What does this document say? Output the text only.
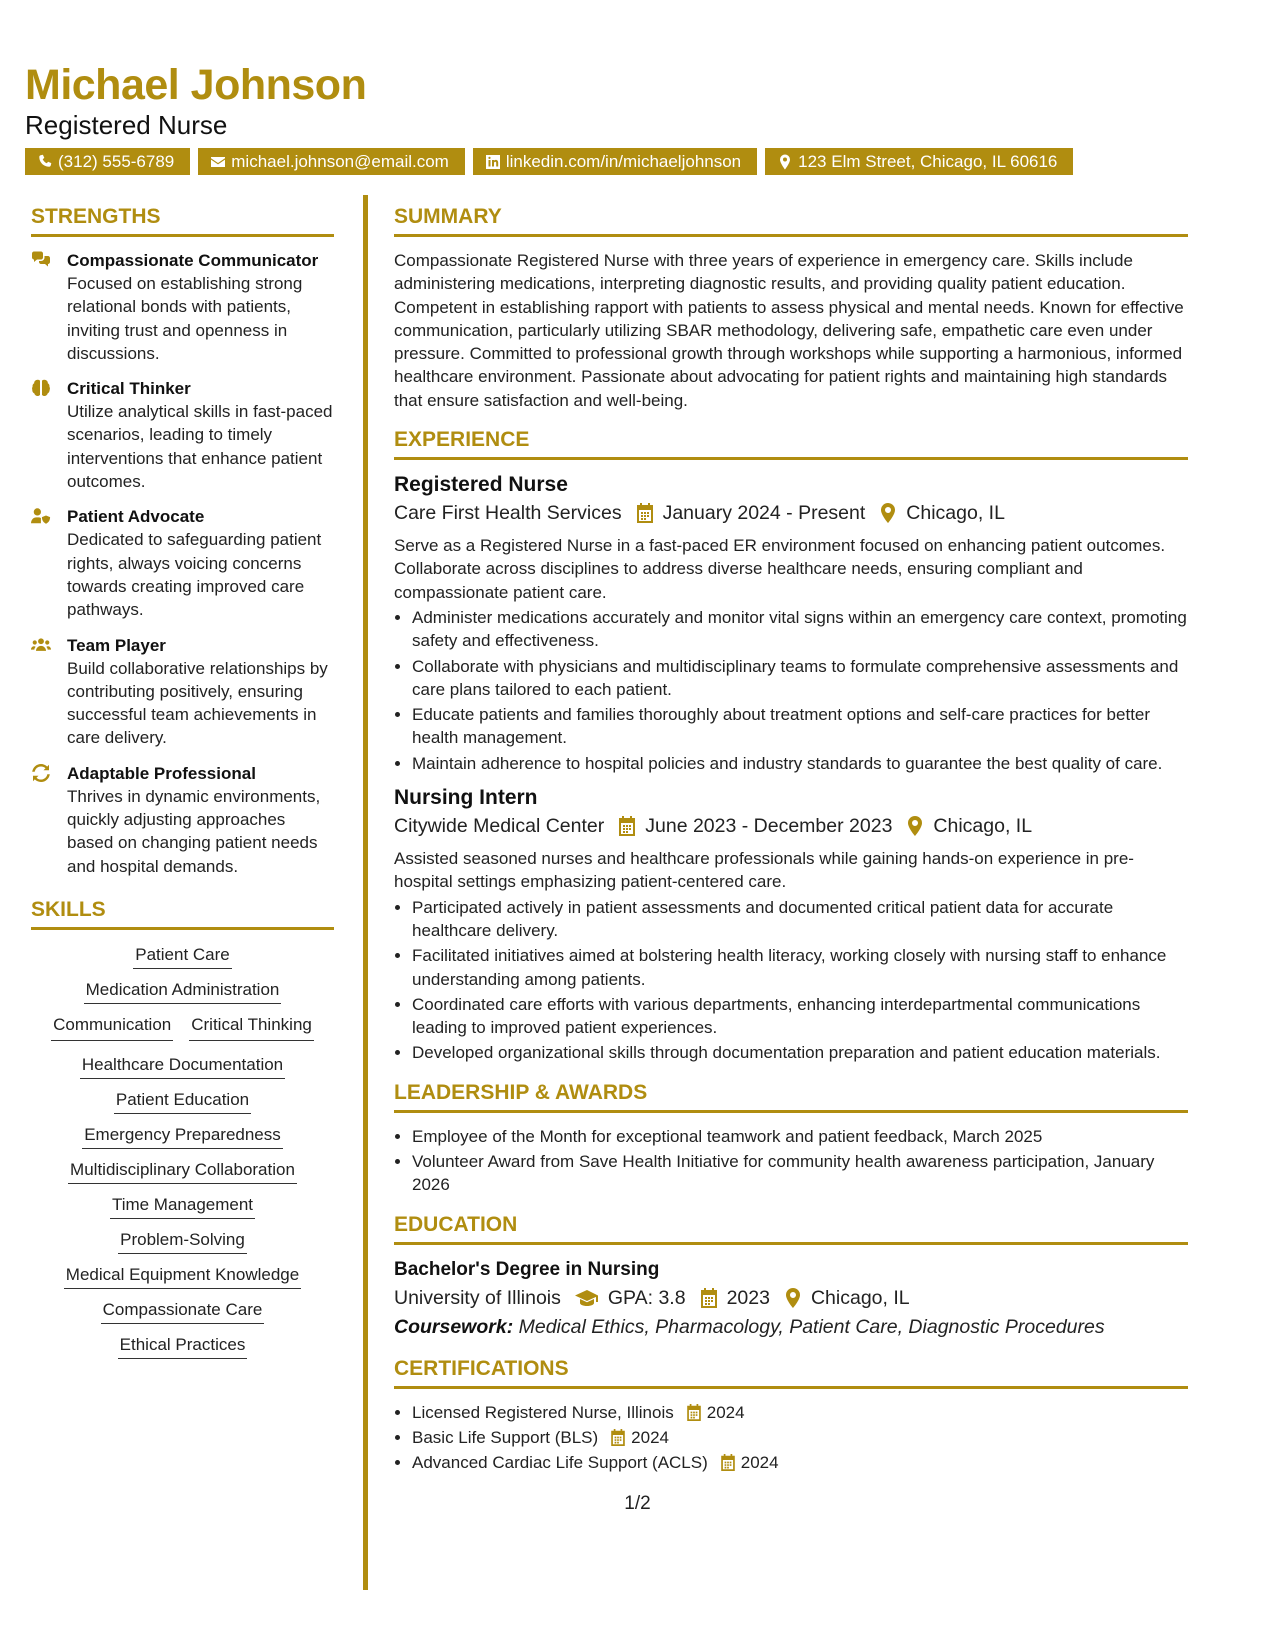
Michael Johnson
Registered Nurse
(312) 555-6789	michael.johnson@email.com	linkedin.com/in/michaeljohnson	123 Elm Street, Chicago, IL 60616
STRENGTHS
Compassionate Communicator

Focused on establishing strong relational bonds with patients, inviting trust and openness in discussions.

Critical Thinker

Utilize analytical skills in fast-paced scenarios, leading to timely interventions that enhance patient outcomes.

Patient Advocate

Dedicated to safeguarding patient rights, always voicing concerns towards creating improved care pathways.

Team Player

Build collaborative relationships by contributing positively, ensuring successful team achievements in care delivery.

Adaptable Professional

Thrives in dynamic environments, quickly adjusting approaches based on changing patient needs and hospital demands.

SKILLS
Patient Care
Medication Administration
Communication Critical Thinking
Healthcare Documentation
Patient Education
Emergency Preparedness
Multidisciplinary Collaboration
Time Management
Problem-Solving
Medical Equipment Knowledge
Compassionate Care
Ethical Practices
SUMMARY

Compassionate Registered Nurse with three years of experience in emergency care. Skills include administering medications, interpreting diagnostic results, and providing quality patient education. Competent in establishing rapport with patients to assess physical and mental needs. Known for effective communication, particularly utilizing SBAR methodology, delivering safe, empathetic care even under pressure. Committed to professional growth through workshops while supporting a harmonious, informed healthcare environment. Passionate about advocating for patient rights and maintaining high standards that ensure satisfaction and well-being.

EXPERIENCE
Registered Nurse
Care First Health Services January 2024 - Present Chicago, IL

Serve as a Registered Nurse in a fast-paced ER environment focused on enhancing patient outcomes. Collaborate across disciplines to address diverse healthcare needs, ensuring compliant and compassionate patient care.

• Administer medications accurately and monitor vital signs within an emergency care context, promoting safety and effectiveness.
• Collaborate with physicians and multidisciplinary teams to formulate comprehensive assessments and care plans tailored to each patient.
• Educate patients and families thoroughly about treatment options and self-care practices for better health management.
• Maintain adherence to hospital policies and industry standards to guarantee the best quality of care.
Nursing Intern
Citywide Medical Center June 2023 - December 2023 Chicago, IL

Assisted seasoned nurses and healthcare professionals while gaining hands-on experience in pre-hospital settings emphasizing patient-centered care.

• Participated actively in patient assessments and documented critical patient data for accurate healthcare delivery.
• Facilitated initiatives aimed at bolstering health literacy, working closely with nursing staff to enhance understanding among patients.
• Coordinated care efforts with various departments, enhancing interdepartmental communications leading to improved patient experiences.
• Developed organizational skills through documentation preparation and patient education materials.
LEADERSHIP & AWARDS
• Employee of the Month for exceptional teamwork and patient feedback, March 2025
• Volunteer Award from Save Health Initiative for community health awareness participation, January 2026
EDUCATION
Bachelor's Degree in Nursing
University of Illinois GPA: 3.8 2023 Chicago, IL

Coursework: Medical Ethics, Pharmacology, Patient Care, Diagnostic Procedures

CERTIFICATIONS
• Licensed Registered Nurse, Illinois 2024
• Basic Life Support (BLS) 2024
• Advanced Cardiac Life Support (ACLS) 2024
1/2
